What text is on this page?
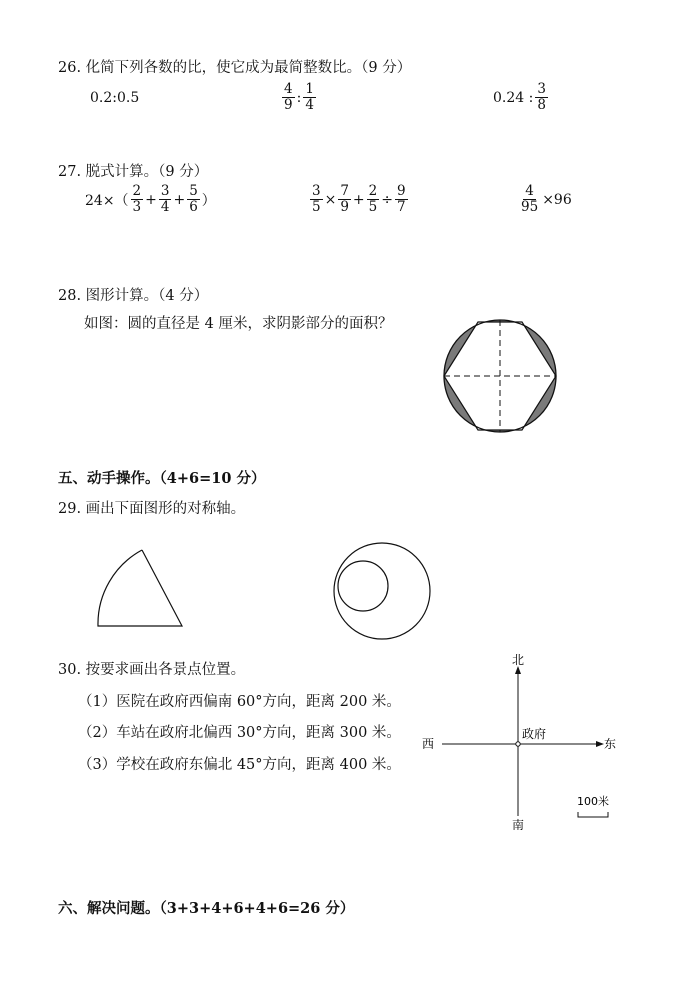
26. 化简下列各数的比，使它成为最简整数比。（9 分）
0.2:0.5	$\frac{4}{9}$ : $\frac{1}{4}$	0.24 : $\frac{3}{8}$
27. 脱式计算。（9 分）
$24\times( \frac{2}{3} + \frac{3}{4} + \frac{5}{6}$ ）	$\frac{3}{5} \times \frac{7}{9} + \frac{2}{5} \div \frac{9}{7}$	$\frac{4}{95} \times 96$
28. 图形计算。（4 分）
如图：圆的直径是 4 厘米，求阴影部分的面积？
五、动手操作。（4+6=10 分）
29. 画出下面图形的对称轴。
30. 按要求画出各景点位置。
（1）医院在政府西偏南 60°方向，距离 200 米。
（2）车站在政府北偏西 30°方向，距离 300 米。
（3）学校在政府东偏北 45°方向，距离 400 米。
北
南
西	东
政府
100米
六、解决问题。（3+3+4+6+4+6=26 分）
